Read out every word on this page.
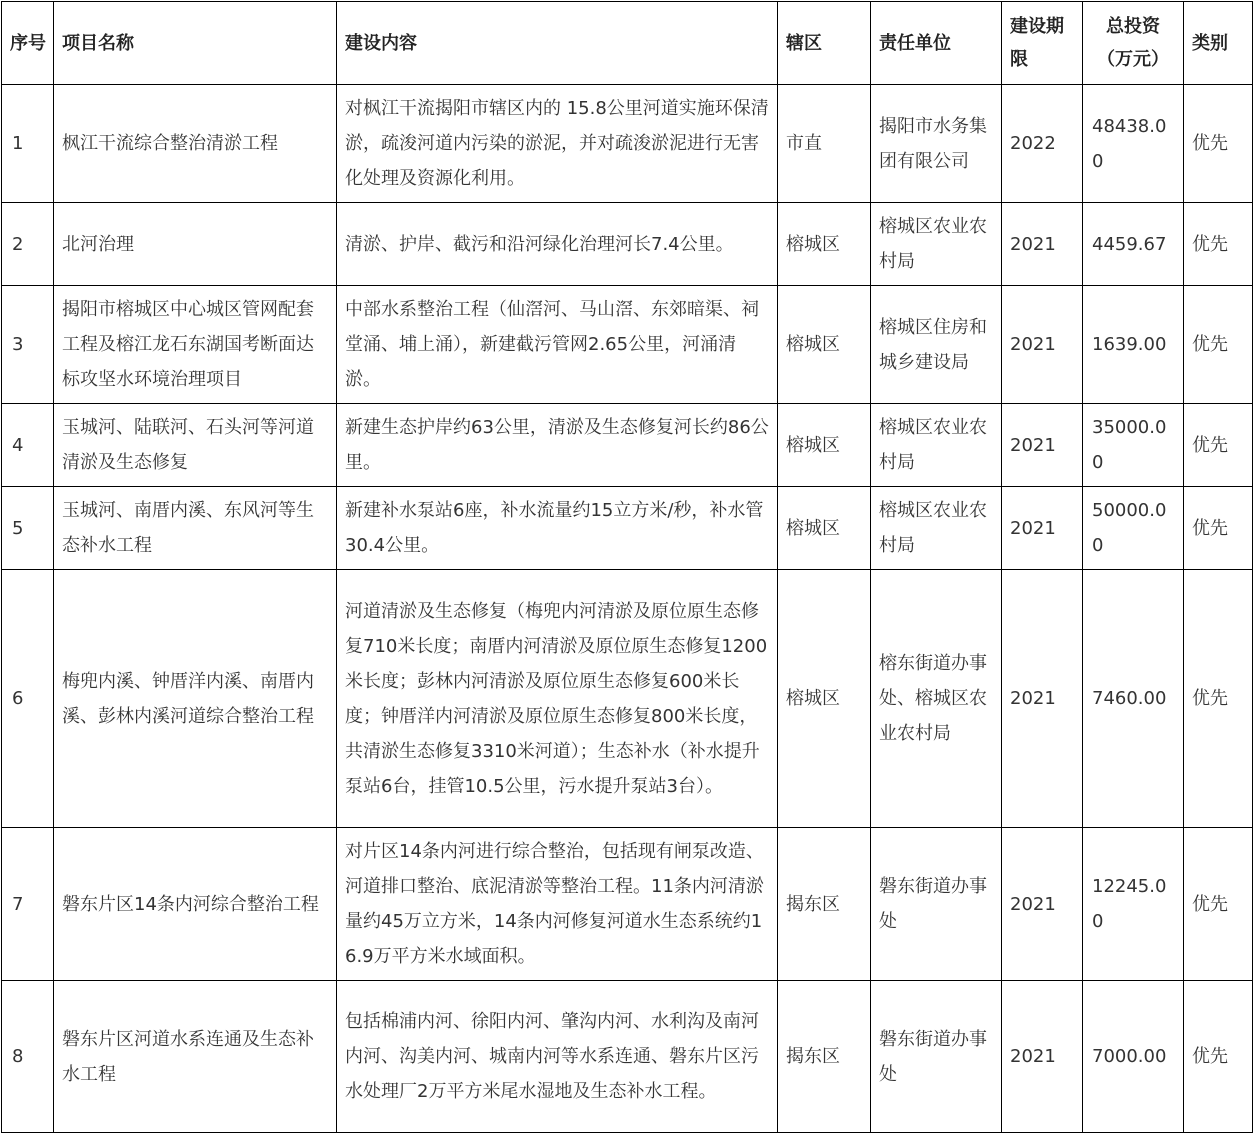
序号	项目名称	建设内容	辖区	责任单位	建设期限	总投资（万元）	类别
1	枫江干流综合整治清淤工程	对枫江干流揭阳市辖区内的 15.8公里河道实施环保清淤，疏浚河道内污染的淤泥，并对疏浚淤泥进行无害化处理及资源化利用。	市直	揭阳市水务集团有限公司	2022	48438.00	优先
2	北河治理	清淤、护岸、截污和沿河绿化治理河长7.4公里。	榕城区	榕城区农业农村局	2021	4459.67	优先
3	揭阳市榕城区中心城区管网配套工程及榕江龙石东湖国考断面达标攻坚水环境治理项目	中部水系整治工程（仙滘河、马山滘、东郊暗渠、祠堂涌、埔上涌），新建截污管网2.65公里，河涌清淤。	榕城区	榕城区住房和城乡建设局	2021	1639.00	优先
4	玉城河、陆联河、石头河等河道清淤及生态修复	新建生态护岸约63公里，清淤及生态修复河长约86公里。	榕城区	榕城区农业农村局	2021	35000.00	优先
5	玉城河、南厝内溪、东风河等生态补水工程	新建补水泵站6座，补水流量约15立方米/秒，补水管30.4公里。	榕城区	榕城区农业农村局	2021	50000.00	优先
6	梅兜内溪、钟厝洋内溪、南厝内溪、彭林内溪河道综合整治工程	河道清淤及生态修复（梅兜内河清淤及原位原生态修复710米长度；南厝内河清淤及原位原生态修复1200米长度；彭林内河清淤及原位原生态修复600米长度；钟厝洋内河清淤及原位原生态修复800米长度，共清淤生态修复3310米河道）；生态补水（补水提升泵站6台，挂管10.5公里，污水提升泵站3台）。	榕城区	榕东街道办事处、榕城区农业农村局	2021	7460.00	优先
7	磐东片区14条内河综合整治工程	对片区14条内河进行综合整治，包括现有闸泵改造、河道排口整治、底泥清淤等整治工程。11条内河清淤量约45万立方米，14条内河修复河道水生态系统约16.9万平方米水域面积。	揭东区	磐东街道办事处	2021	12245.00	优先
8	磐东片区河道水系连通及生态补水工程	包括棉浦内河、徐阳内河、肇沟内河、水利沟及南河内河、沟美内河、城南内河等水系连通、磐东片区污水处理厂2万平方米尾水湿地及生态补水工程。	揭东区	磐东街道办事处	2021	7000.00	优先
